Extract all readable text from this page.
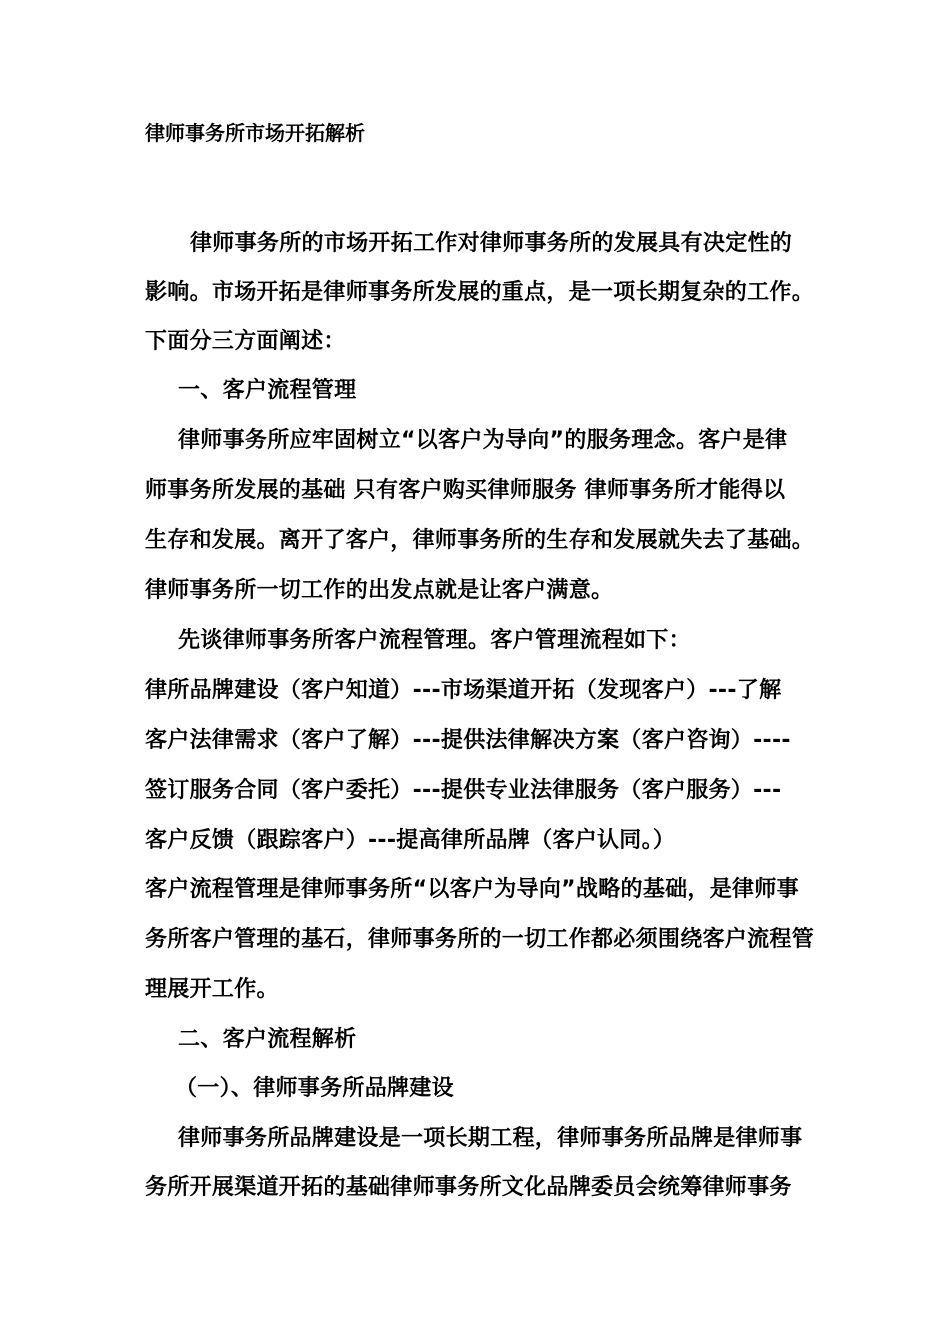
律师事务所市场开拓解析
律师事务所的市场开拓工作对律师事务所的发展具有决定性的
影响。市场开拓是律师事务所发展的重点，是一项长期复杂的工作。
下面分三方面阐述：
一、客户流程管理
律师事务所应牢固树立“以客户为导向”的服务理念。客户是律
师事务所发展的基础 只有客户购买律师服务 律师事务所才能得以
生存和发展。离开了客户，律师事务所的生存和发展就失去了基础。
律师事务所一切工作的出发点就是让客户满意。
先谈律师事务所客户流程管理。客户管理流程如下：
律所品牌建设（客户知道）---市场渠道开拓（发现客户）---了解
客户法律需求（客户了解）---提供法律解决方案（客户咨询）----
签订服务合同（客户委托）---提供专业法律服务（客户服务）---
客户反馈（跟踪客户）---提高律所品牌（客户认同。）
客户流程管理是律师事务所“以客户为导向”战略的基础，是律师事
务所客户管理的基石，律师事务所的一切工作都必须围绕客户流程管
理展开工作。
二、客户流程解析
（一）、律师事务所品牌建设
律师事务所品牌建设是一项长期工程，律师事务所品牌是律师事
务所开展渠道开拓的基础律师事务所文化品牌委员会统筹律师事务
